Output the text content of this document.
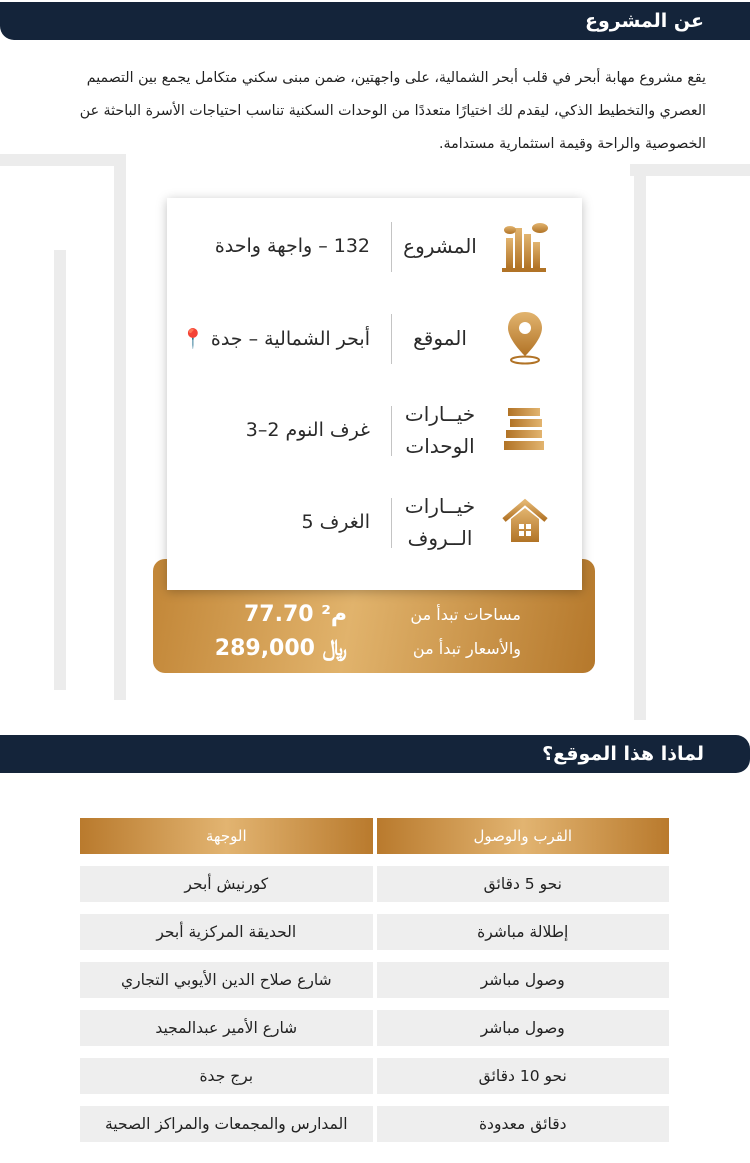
عن المشروع
يقع مشروع مهابة أبحر في قلب أبحر الشمالية، على واجهتين، ضمن مبنى سكني متكامل يجمع بين التصميم
العصري والتخطيط الذكي، ليقدم لك اختيارًا متعددًا من الوحدات السكنية تناسب احتياجات الأسرة الباحثة عن
الخصوصية والراحة وقيمة استثمارية مستدامة.
المشروع
132 – واجهة واحدة
الموقع
أبحر الشمالية – جدة 📍
خيــارات
الوحدات
غرف النوم 2–3
خيــارات
الــروف
الغرف 5
مساحات تبدأ من
77.70 م²
والأسعار تبدأ من
289,000 ﷼
لماذا هذا الموقع؟
القرب والوصول
الوجهة
نحو 5 دقائق
كورنيش أبحر
إطلالة مباشرة
الحديقة المركزية أبحر
وصول مباشر
شارع صلاح الدين الأيوبي التجاري
وصول مباشر
شارع الأمير عبدالمجيد
نحو 10 دقائق
برج جدة
دقائق معدودة
المدارس والمجمعات والمراكز الصحية
